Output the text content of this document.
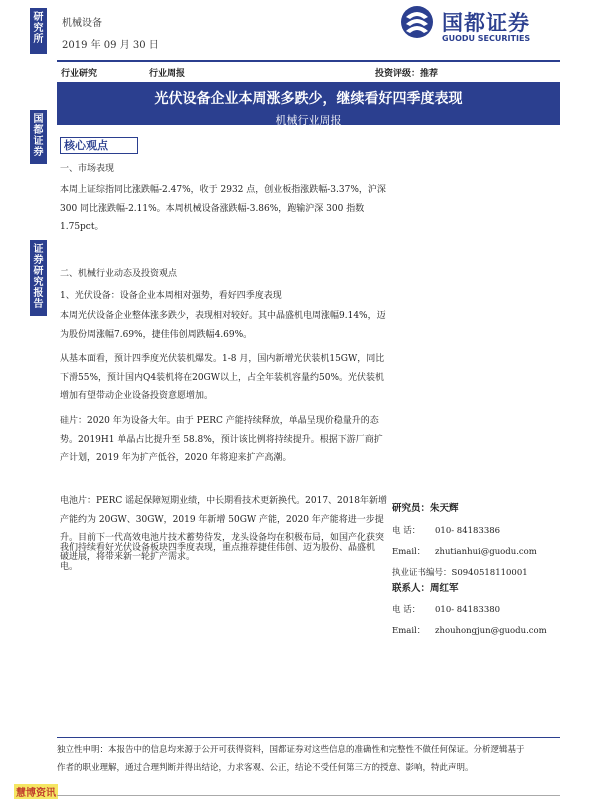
研究所
国都证券
证券研究报告
机械设备
2019 年 09 月 30 日
国都证券
GUODU SECURITIES
行业研究	行业周报	投资评级：推荐
光伏设备企业本周涨多跌少，继续看好四季度表现
机械行业周报
核心观点
一、市场表现
本周上证综指同比涨跌幅-2.47%，收于 2932 点，创业板指涨跌幅-3.37%，沪深 300 同比涨跌幅-2.11%。本周机械设备涨跌幅-3.86%，跑输沪深 300 指数 1.75pct。
二、机械行业动态及投资观点
1、光伏设备：设备企业本周相对强势，看好四季度表现
本周光伏设备企业整体涨多跌少，表现相对较好。其中晶盛机电周涨幅9.14%，迈为股份周涨幅7.69%，捷佳伟创周跌幅4.69%。
从基本面看，预计四季度光伏装机爆发。1-8 月，国内新增光伏装机15GW，同比下滑55%，预计国内Q4装机将在20GW以上，占全年装机容量约50%。光伏装机增加有望带动企业设备投资意愿增加。
硅片：2020 年为设备大年。由于 PERC 产能持续释放，单晶呈现价稳量升的态势。2019H1 单晶占比提升至 58.8%，预计该比例将持续提升。根据下游厂商扩产计划，2019 年为扩产低谷，2020 年将迎来扩产高潮。
电池片：PERC 谣起保障短期业绩，中长期看技术更新换代。2017、2018年新增产能约为 20GW、30GW，2019 年新增 50GW 产能，2020 年产能将进一步提升。目前下一代高效电池片技术蓄势待发，龙头设备均在积极布局，如国产化获突破进展，将带来新一轮扩产需求。
我们持续看好光伏设备板块四季度表现，重点推荐捷佳伟创、迈为股份、晶盛机电。
研究员：朱天辉
电 话： 010- 84183386
Email： zhutianhui@guodu.com
执业证书编号：S0940518110001
联系人：周红军
电 话： 010- 84183380
Email： zhouhongjun@guodu.com
独立性申明：本报告中的信息均来源于公开可获得资料，国都证券对这些信息的准确性和完整性不做任何保证。分析逻辑基于
作者的职业理解，通过合理判断并得出结论，力求客观、公正，结论不受任何第三方的授意、影响，特此声明。
慧博资讯
